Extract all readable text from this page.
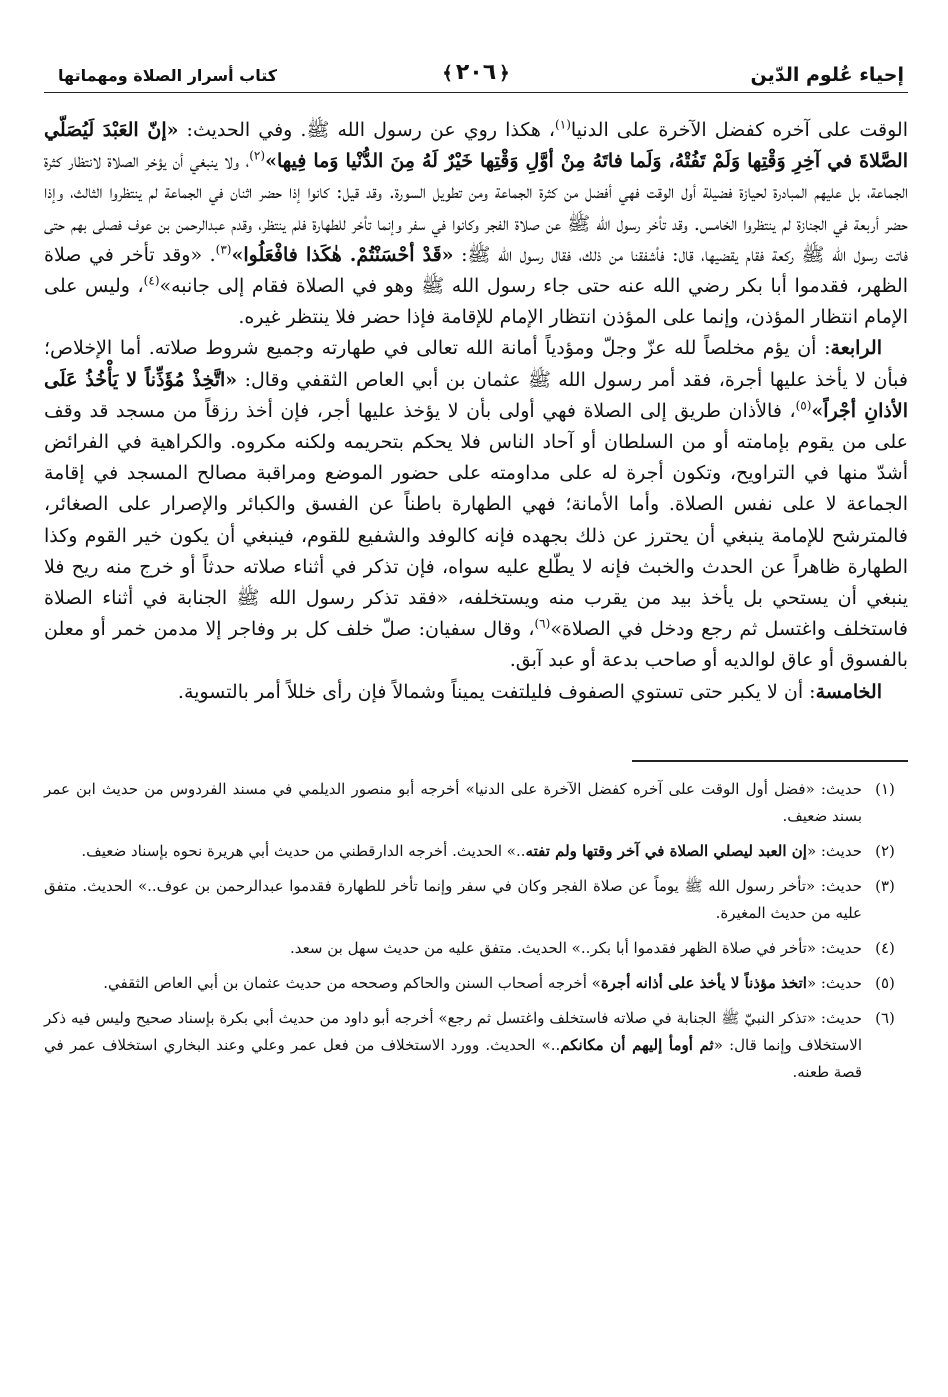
إحياء عُلوم الدّين
﴿٢٠٦﴾
كتاب أسرار الصلاة ومهماتها

الوقت على آخره كفضل الآخرة على الدنيا$^{(١)}$، هكذا روي عن رسول الله ﷺ. وفي الحديث: «إنّ العَبْدَ لَيُصَلّي الصَّلاةَ في آخِرِ وَقْتِها وَلَمْ تَفُتْهُ، وَلَما فاتَهُ مِنْ أوَّلِ وَقْتِها خَيْرٌ لَهُ مِنَ الدُّنْيا وَما فِيها»$^{(٢)}$، ولا ينبغي أن يؤخر الصلاة لانتظار كثرة الجماعة، بل عليهم المبادرة لحيازة فضيلة أول الوقت فهي أفضل من كثرة الجماعة ومن تطويل السورة. وقد قيل: كانوا إذا حضر اثنان في الجماعة لم ينتظروا الثالث، وإذا حضر أربعة في الجنازة لم ينتظروا الخامس. وقد تأخر رسول الله ﷺ عن صلاة الفجر وكانوا في سفر وإنما تأخر للطهارة فلم ينتظر، وقدم عبدالرحمن بن عوف فصلى بهم حتى فاتت رسول الله ﷺ ركعة فقام يقضيها، قال: فأشفقنا من ذلك، فقال رسول الله ﷺ: «قَدْ أحْسَنْتُمْ. هٰكَذا فافْعَلُوا»$^{(٣)}$. «وقد تأخر في صلاة الظهر، فقدموا أبا بكر رضي الله عنه حتى جاء رسول الله ﷺ وهو في الصلاة فقام إلى جانبه»$^{(٤)}$، وليس على الإمام انتظار المؤذن، وإنما على المؤذن انتظار الإمام للإقامة فإذا حضر فلا ينتظر غيره.

الرابعة: أن يؤم مخلصاً لله عزّ وجلّ ومؤدياً أمانة الله تعالى في طهارته وجميع شروط صلاته. أما الإخلاص؛ فبأن لا يأخذ عليها أجرة، فقد أمر رسول الله ﷺ عثمان بن أبي العاص الثقفي وقال: «اتَّخِذْ مُؤَذِّناً لا يَأْخُذُ عَلَى الأذانِ أجْراً»$^{(٥)}$، فالأذان طريق إلى الصلاة فهي أولى بأن لا يؤخذ عليها أجر، فإن أخذ رزقاً من مسجد قد وقف على من يقوم بإمامته أو من السلطان أو آحاد الناس فلا يحكم بتحريمه ولكنه مكروه. والكراهية في الفرائض أشدّ منها في التراويح، وتكون أجرة له على مداومته على حضور الموضع ومراقبة مصالح المسجد في إقامة الجماعة لا على نفس الصلاة. وأما الأمانة؛ فهي الطهارة باطناً عن الفسق والكبائر والإصرار على الصغائر، فالمترشح للإمامة ينبغي أن يحترز عن ذلك بجهده فإنه كالوفد والشفيع للقوم، فينبغي أن يكون خير القوم وكذا الطهارة ظاهراً عن الحدث والخبث فإنه لا يطّلع عليه سواه، فإن تذكر في أثناء صلاته حدثاً أو خرج منه ريح فلا ينبغي أن يستحي بل يأخذ بيد من يقرب منه ويستخلفه، «فقد تذكر رسول الله ﷺ الجنابة في أثناء الصلاة فاستخلف واغتسل ثم رجع ودخل في الصلاة»$^{(٦)}$، وقال سفيان: صلّ خلف كل بر وفاجر إلا مدمن خمر أو معلن بالفسوق أو عاق لوالديه أو صاحب بدعة أو عبد آبق.

الخامسة: أن لا يكبر حتى تستوي الصفوف فليلتفت يميناً وشمالاً فإن رأى خللاً أمر بالتسوية.

(١)
حديث: «فضل أول الوقت على آخره كفضل الآخرة على الدنيا» أخرجه أبو منصور الديلمي في مسند الفردوس من حديث ابن عمر بسند ضعيف.
(٢)
حديث: «إن العبد ليصلي الصلاة في آخر وقتها ولم تفته..» الحديث. أخرجه الدارقطني من حديث أبي هريرة نحوه بإسناد ضعيف.
(٣)
حديث: «تأخر رسول الله ﷺ يوماً عن صلاة الفجر وكان في سفر وإنما تأخر للطهارة فقدموا عبدالرحمن بن عوف..» الحديث. متفق عليه من حديث المغيرة.
(٤)
حديث: «تأخر في صلاة الظهر فقدموا أبا بكر..» الحديث. متفق عليه من حديث سهل بن سعد.
(٥)
حديث: «اتخذ مؤذناً لا يأخذ على أذانه أجرة» أخرجه أصحاب السنن والحاكم وصححه من حديث عثمان بن أبي العاص الثقفي.
(٦)
حديث: «تذكر النبيّ ﷺ الجنابة في صلاته فاستخلف واغتسل ثم رجع» أخرجه أبو داود من حديث أبي بكرة بإسناد صحيح وليس فيه ذكر الاستخلاف وإنما قال: «ثم أومأ إليهم أن مكانكم..» الحديث. وورد الاستخلاف من فعل عمر وعلي وعند البخاري استخلاف عمر في قصة طعنه.
